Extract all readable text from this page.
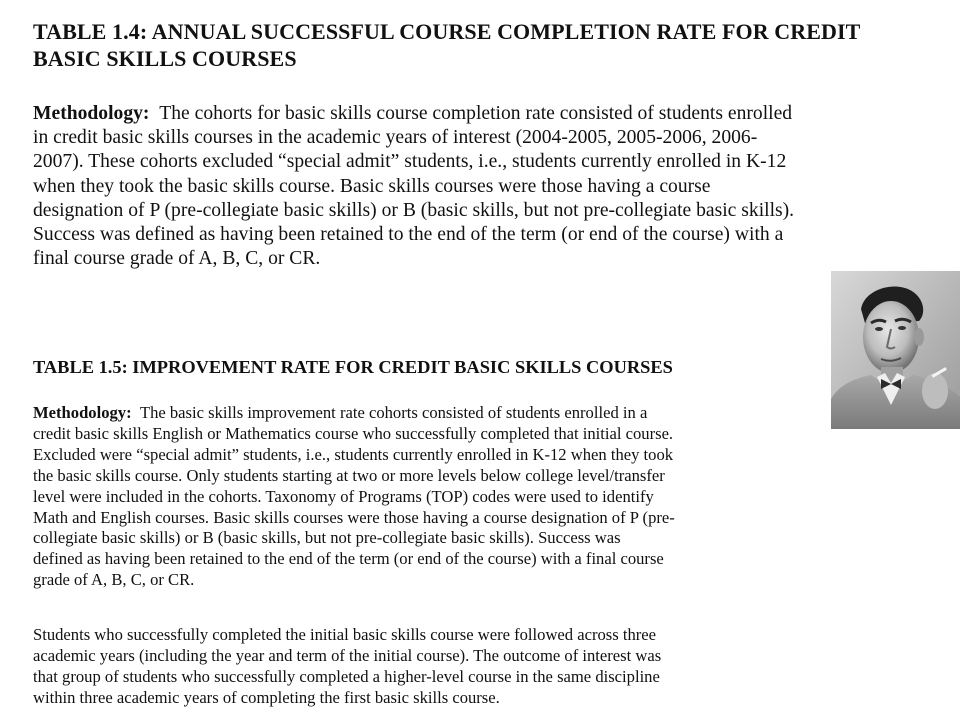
TABLE 1.4: ANNUAL SUCCESSFUL COURSE COMPLETION RATE FOR CREDIT
BASIC SKILLS COURSES
Methodology: The cohorts for basic skills course completion rate consisted of students enrolled
in credit basic skills courses in the academic years of interest (2004-2005, 2005-2006, 2006-
2007). These cohorts excluded “special admit” students, i.e., students currently enrolled in K-12
when they took the basic skills course. Basic skills courses were those having a course
designation of P (pre-collegiate basic skills) or B (basic skills, but not pre-collegiate basic skills).
Success was defined as having been retained to the end of the term (or end of the course) with a
final course grade of A, B, C, or CR.
TABLE 1.5: IMPROVEMENT RATE FOR CREDIT BASIC SKILLS COURSES
Methodology: The basic skills improvement rate cohorts consisted of students enrolled in a
credit basic skills English or Mathematics course who successfully completed that initial course.
Excluded were “special admit” students, i.e., students currently enrolled in K-12 when they took
the basic skills course. Only students starting at two or more levels below college level/transfer
level were included in the cohorts. Taxonomy of Programs (TOP) codes were used to identify
Math and English courses. Basic skills courses were those having a course designation of P (pre-
collegiate basic skills) or B (basic skills, but not pre-collegiate basic skills). Success was
defined as having been retained to the end of the term (or end of the course) with a final course
grade of A, B, C, or CR.
Students who successfully completed the initial basic skills course were followed across three
academic years (including the year and term of the initial course). The outcome of interest was
that group of students who successfully completed a higher-level course in the same discipline
within three academic years of completing the first basic skills course.
